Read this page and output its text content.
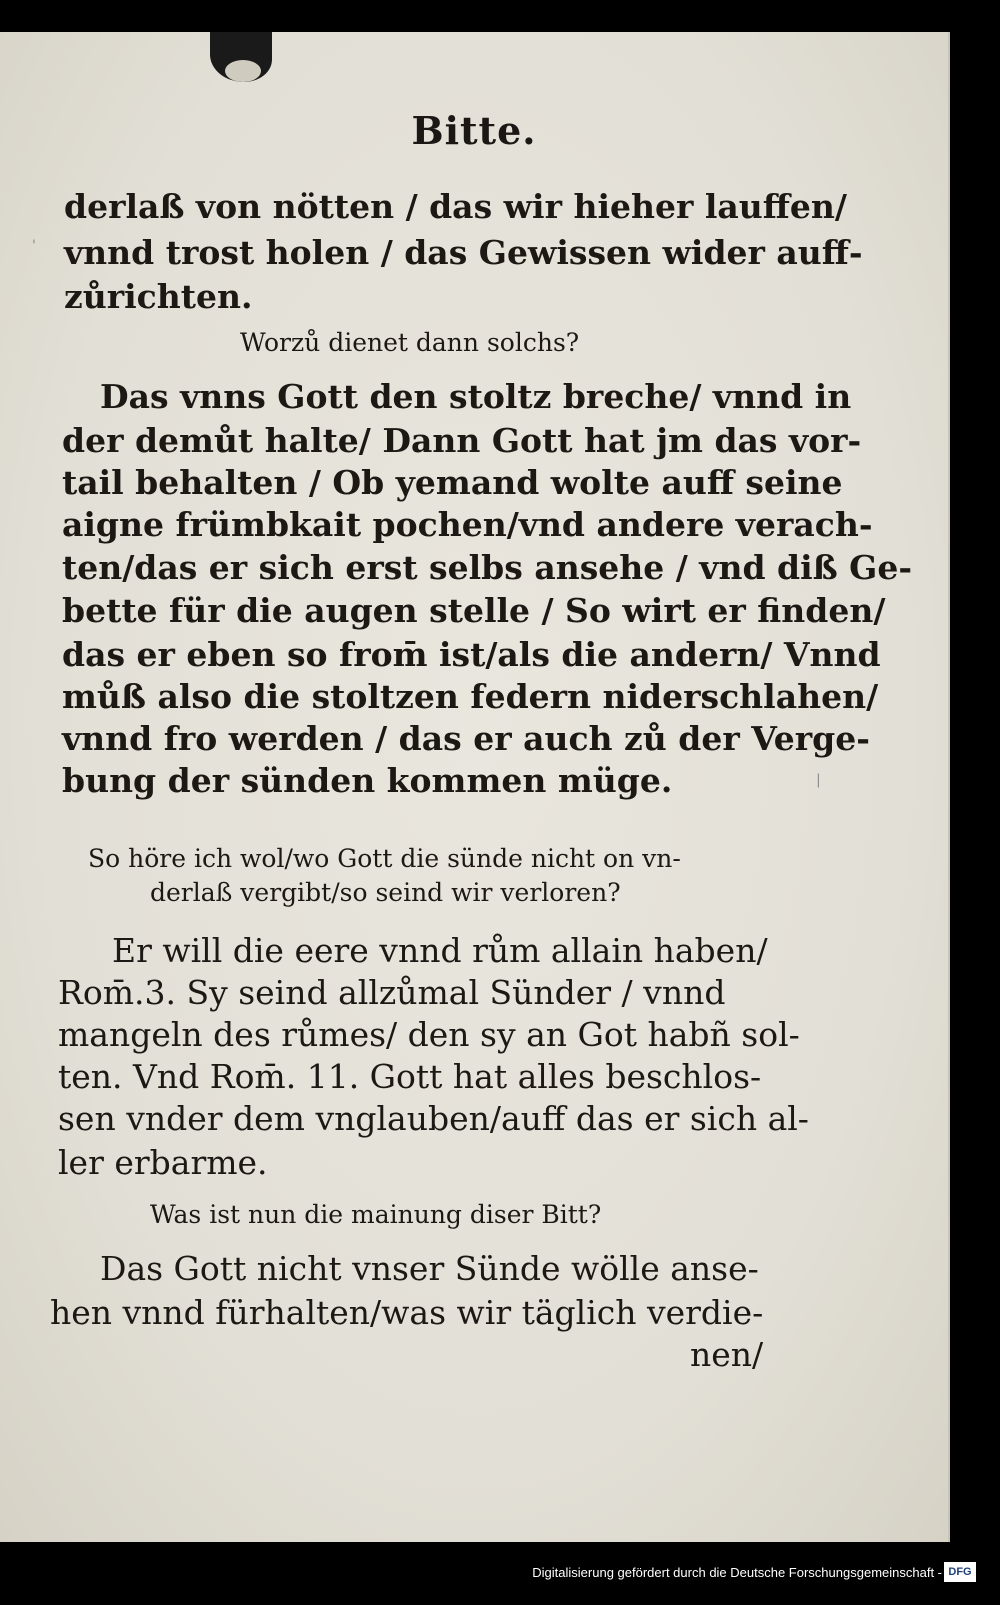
Bitte.
derlaß von nötten / das wir hieher lauffen/
vnnd trost holen / das Gewissen wider auff-
zůrichten.
Worzů dienet dann solchs?
Das vnns Gott den stoltz breche/ vnnd in
der demůt halte/ Dann Gott hat jm das vor-
tail behalten / Ob yemand wolte auff seine
aigne frümbkait pochen/vnd andere verach-
ten/das er sich erst selbs ansehe / vnd diß Ge-
bette für die augen stelle / So wirt er finden/
das er eben so from̄ ist/als die andern/ Vnnd
můß also die stoltzen federn niderschlahen/
vnnd fro werden / das er auch zů der Verge-
bung der sünden kommen müge.
So höre ich wol/wo Gott die sünde nicht on vn-
derlaß vergibt/so seind wir verloren?
Er will die eere vnnd rům allain haben/
Rom̄.3. Sy seind allzůmal Sünder / vnnd
mangeln des růmes/ den sy an Got habñ sol-
ten. Vnd Rom̄. 11. Gott hat alles beschlos-
sen vnder dem vnglauben/auff das er sich al-
ler erbarme.
Was ist nun die mainung diser Bitt?
Das Gott nicht vnser Sünde wölle anse-
hen vnnd fürhalten/was wir täglich verdie-
nen/
'
|
Digitalisierung gefördert durch die Deutsche Forschungsgemeinschaft - DFG
